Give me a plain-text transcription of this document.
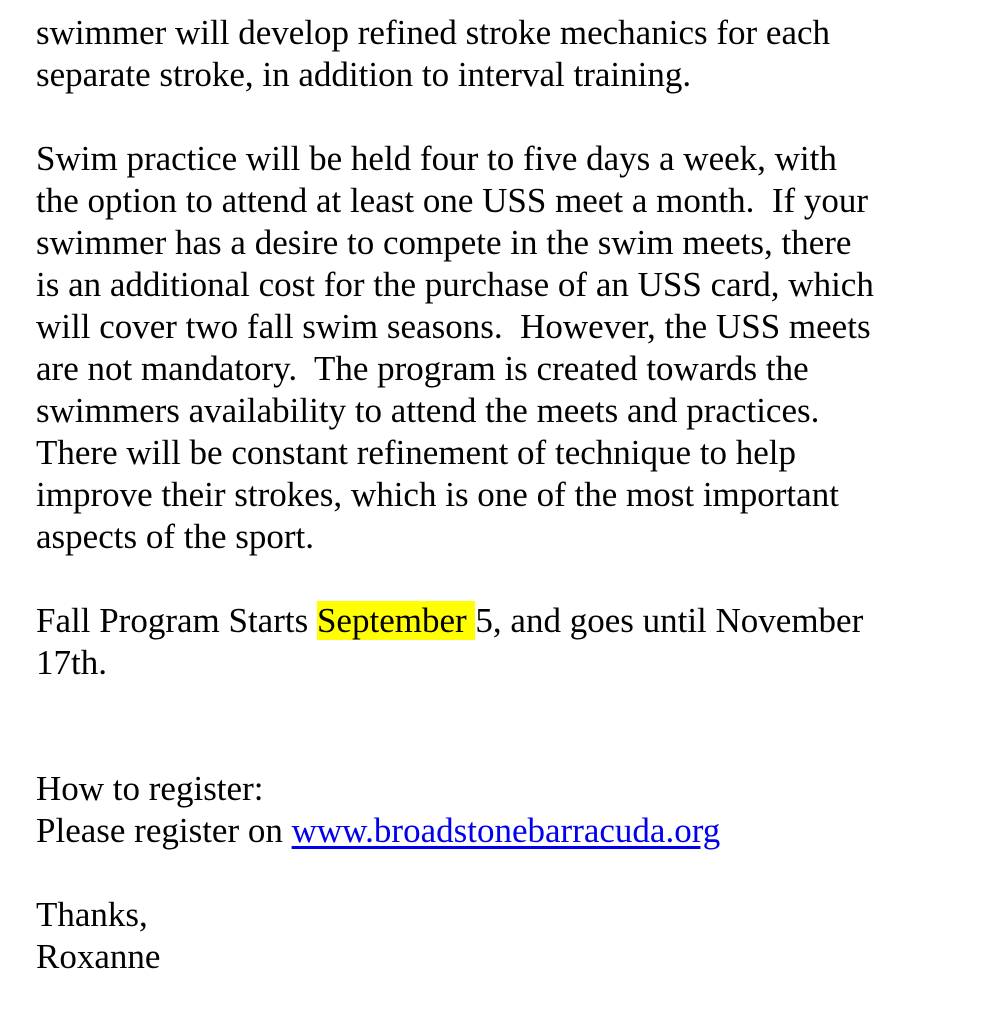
swimmer will develop refined stroke mechanics for each
separate stroke, in addition to interval training.
Swim practice will be held four to five days a week, with
the option to attend at least one USS meet a month.  If your
swimmer has a desire to compete in the swim meets, there
is an additional cost for the purchase of an USS card, which
will cover two fall swim seasons.  However, the USS meets
are not mandatory.  The program is created towards the
swimmers availability to attend the meets and practices.
There will be constant refinement of technique to help
improve their strokes, which is one of the most important
aspects of the sport.
Fall Program Starts September 5, and goes until November
17th.
How to register:
Please register on www.broadstonebarracuda.org
Thanks,
Roxanne
